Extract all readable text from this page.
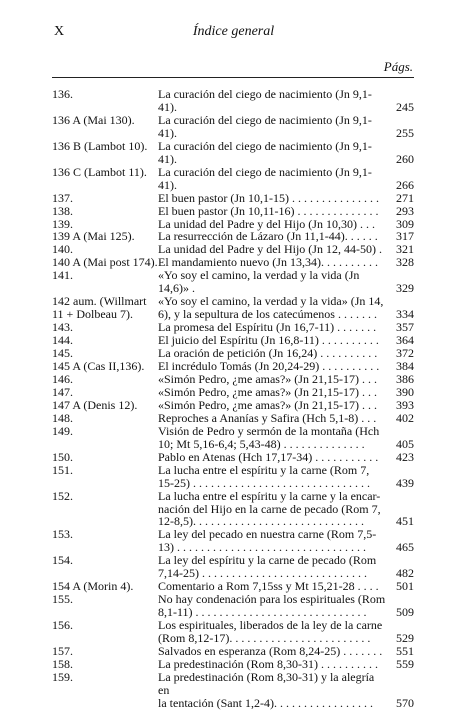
X	Índice general
Págs.
136.	La curación del ciego de nacimiento (Jn 9,1-41).	245
136 A (Mai 130).	La curación del ciego de nacimiento (Jn 9,1-41).	255
136 B (Lambot 10). La curación del ciego de nacimiento (Jn 9,1-41).	260
136 C (Lambot 11). La curación del ciego de nacimiento (Jn 9,1-41).	266
137.	El buen pastor (Jn 10,1-15) . . . . . . . . . . . . . . .	271
138.	El buen pastor (Jn 10,11-16) . . . . . . . . . . . . . .	293
139.	La unidad del Padre y del Hijo (Jn 10,30) . . .	309
139 A (Mai 125).	La resurrección de Lázaro (Jn 11,1-44). . . . . .	317
140.	La unidad del Padre y del Hijo (Jn 12, 44-50) .	321
140 A (Mai post 174). El mandamiento nuevo (Jn 13,34). . . . . . . . . .	328
141.	«Yo soy el camino, la verdad y la vida (Jn 14,6)» .	329
142 aum. (Willmart
11 + Dolbeau 7).
«Yo soy el camino, la verdad y la vida» (Jn 14,
6), y la sepultura de los catecúmenos . . . . . . .	334
143.	La promesa del Espíritu (Jn 16,7-11) . . . . . . .	357
144.	El juicio del Espíritu (Jn 16,8-11) . . . . . . . . . .	364
145.	La oración de petición (Jn 16,24) . . . . . . . . . .	372
145 A (Cas II,136).	El incrédulo Tomás (Jn 20,24-29) . . . . . . . . . .	384
146.	«Simón Pedro, ¿me amas?» (Jn 21,15-17) . . .	386
147.	«Simón Pedro, ¿me amas?» (Jn 21,15-17) . . .	390
147 A (Denis 12).	«Simón Pedro, ¿me amas?» (Jn 21,15-17) . . .	393
148.	Reproches a Ananías y Safira (Hch 5,1-8) . . .	402
149.	Visión de Pedro y sermón de la montaña (Hch
10; Mt 5,16-6,4; 5,43-48) . . . . . . . . . . . . . .	405
150.	Pablo en Atenas (Hch 17,17-34) . . . . . . . . . . .	423
151.	La lucha entre el espíritu y la carne (Rom 7,
15-25) . . . . . . . . . . . . . . . . . . . . . . . . . . . . . .	439
152.	La lucha entre el espíritu y la carne y la encar-
nación del Hijo en la carne de pecado (Rom 7,
12-8,5). . . . . . . . . . . . . . . . . . . . . . . . . . . . .	451
153.	La ley del pecado en nuestra carne (Rom 7,5-
13) . . . . . . . . . . . . . . . . . . . . . . . . . . . . . . . .	465
154.	La ley del espíritu y la carne de pecado (Rom
7,14-25) . . . . . . . . . . . . . . . . . . . . . . . . . . . .	482
154 A (Morin 4).	Comentario a Rom 7,15ss y Mt 15,21-28 . . . .	501
155.	No hay condenación para los espirituales (Rom
8,1-11) . . . . . . . . . . . . . . . . . . . . . . . . . . . . .	509
156.	Los espirituales, liberados de la ley de la carne
(Rom 8,12-17). . . . . . . . . . . . . . . . . . . . . . . .	529
157.	Salvados en esperanza (Rom 8,24-25) . . . . . . .	551
158.	La predestinación (Rom 8,30-31) . . . . . . . . . .	559
159.	La predestinación (Rom 8,30-31) y la alegría en
la tentación (Sant 1,2-4). . . . . . . . . . . . . . . . .	570
